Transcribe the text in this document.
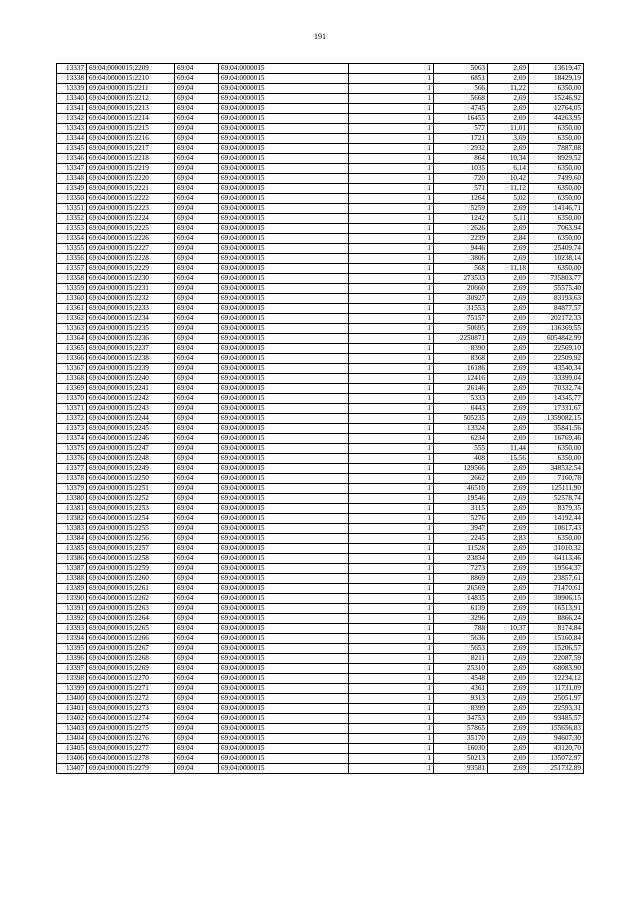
191
13337	69:04:0000015:2209	69:04	69:04:0000015	1	5063	2,69	13619,47
13338	69:04:0000015:2210	69:04	69:04:0000015	1	6851	2,69	18429,19
13339	69:04:0000015:2211	69:04	69:04:0000015	1	566	11,22	6350,00
13340	69:04:0000015:2212	69:04	69:04:0000015	1	5668	2,69	15246,92
13341	69:04:0000015:2213	69:04	69:04:0000015	1	4745	2,69	12764,05
13342	69:04:0000015:2214	69:04	69:04:0000015	1	16455	2,69	44263,95
13343	69:04:0000015:2215	69:04	69:04:0000015	1	577	11,01	6350,00
13344	69:04:0000015:2216	69:04	69:04:0000015	1	1721	3,69	6350,00
13345	69:04:0000015:2217	69:04	69:04:0000015	1	2932	2,69	7887,08
13346	69:04:0000015:2218	69:04	69:04:0000015	1	864	10,34	8929,52
13347	69:04:0000015:2219	69:04	69:04:0000015	1	1035	6,14	6350,00
13348	69:04:0000015:2220	69:04	69:04:0000015	1	720	10,42	7499,60
13349	69:04:0000015:2221	69:04	69:04:0000015	1	571	11,12	6350,00
13350	69:04:0000015:2222	69:04	69:04:0000015	1	1264	5,02	6350,00
13351	69:04:0000015:2223	69:04	69:04:0000015	1	5259	2,69	14146,71
13352	69:04:0000015:2224	69:04	69:04:0000015	1	1242	5,11	6350,00
13353	69:04:0000015:2225	69:04	69:04:0000015	1	2626	2,69	7063,94
13354	69:04:0000015:2226	69:04	69:04:0000015	1	2239	2,84	6350,00
13355	69:04:0000015:2227	69:04	69:04:0000015	1	9446	2,69	25409,74
13356	69:04:0000015:2228	69:04	69:04:0000015	1	3806	2,69	10238,14
13357	69:04:0000015:2229	69:04	69:04:0000015	1	568	11,18	6350,00
13358	69:04:0000015:2230	69:04	69:04:0000015	1	273533	2,69	735803,77
13359	69:04:0000015:2231	69:04	69:04:0000015	1	20660	2,69	55575,40
13360	69:04:0000015:2232	69:04	69:04:0000015	1	30927	2,69	83193,63
13361	69:04:0000015:2233	69:04	69:04:0000015	1	31553	2,69	84877,57
13362	69:04:0000015:2234	69:04	69:04:0000015	1	75157	2,69	202172,33
13363	69:04:0000015:2235	69:04	69:04:0000015	1	50695	2,69	136369,55
13364	69:04:0000015:2236	69:04	69:04:0000015	1	2250871	2,69	6054842,99
13365	69:04:0000015:2237	69:04	69:04:0000015	1	8390	2,69	22569,10
13366	69:04:0000015:2238	69:04	69:04:0000015	1	8368	2,69	22509,92
13367	69:04:0000015:2239	69:04	69:04:0000015	1	16186	2,69	43540,34
13368	69:04:0000015:2240	69:04	69:04:0000015	1	12416	2,69	33399,04
13369	69:04:0000015:2241	69:04	69:04:0000015	1	26146	2,69	70332,74
13370	69:04:0000015:2242	69:04	69:04:0000015	1	5333	2,69	14345,77
13371	69:04:0000015:2243	69:04	69:04:0000015	1	6443	2,69	17331,67
13372	69:04:0000015:2244	69:04	69:04:0000015	1	505235	2,69	1359082,15
13373	69:04:0000015:2245	69:04	69:04:0000015	1	13324	2,69	35841,56
13374	69:04:0000015:2246	69:04	69:04:0000015	1	6234	2,69	16769,46
13375	69:04:0000015:2247	69:04	69:04:0000015	1	555	11,44	6350,00
13376	69:04:0000015:2248	69:04	69:04:0000015	1	408	15,56	6350,00
13377	69:04:0000015:2249	69:04	69:04:0000015	1	129566	2,69	348532,54
13378	69:04:0000015:2250	69:04	69:04:0000015	1	2662	2,69	7160,78
13379	69:04:0000015:2251	69:04	69:04:0000015	1	46510	2,69	125111,90
13380	69:04:0000015:2252	69:04	69:04:0000015	1	19546	2,69	52578,74
13381	69:04:0000015:2253	69:04	69:04:0000015	1	3115	2,69	8379,35
13382	69:04:0000015:2254	69:04	69:04:0000015	1	5276	2,69	14192,44
13383	69:04:0000015:2255	69:04	69:04:0000015	1	3947	2,69	10617,43
13384	69:04:0000015:2256	69:04	69:04:0000015	1	2245	2,83	6350,00
13385	69:04:0000015:2257	69:04	69:04:0000015	1	11528	2,69	31010,32
13386	69:04:0000015:2258	69:04	69:04:0000015	1	23834	2,69	64113,46
13387	69:04:0000015:2259	69:04	69:04:0000015	1	7273	2,69	19564,37
13388	69:04:0000015:2260	69:04	69:04:0000015	1	8869	2,69	23857,61
13389	69:04:0000015:2261	69:04	69:04:0000015	1	26569	2,69	71470,61
13390	69:04:0000015:2262	69:04	69:04:0000015	1	14835	2,69	39906,15
13391	69:04:0000015:2263	69:04	69:04:0000015	1	6139	2,69	16513,91
13392	69:04:0000015:2264	69:04	69:04:0000015	1	3296	2,69	8866,24
13393	69:04:0000015:2265	69:04	69:04:0000015	1	788	10,37	8174,84
13394	69:04:0000015:2266	69:04	69:04:0000015	1	5636	2,69	15160,84
13395	69:04:0000015:2267	69:04	69:04:0000015	1	5653	2,69	15206,57
13396	69:04:0000015:2268	69:04	69:04:0000015	1	8211	2,69	22087,59
13397	69:04:0000015:2269	69:04	69:04:0000015	1	25310	2,69	68083,90
13398	69:04:0000015:2270	69:04	69:04:0000015	1	4548	2,69	12234,12
13399	69:04:0000015:2271	69:04	69:04:0000015	1	4361	2,69	11731,09
13400	69:04:0000015:2272	69:04	69:04:0000015	1	9313	2,69	25051,97
13401	69:04:0000015:2273	69:04	69:04:0000015	1	8399	2,69	22593,31
13402	69:04:0000015:2274	69:04	69:04:0000015	1	34753	2,69	93485,57
13403	69:04:0000015:2275	69:04	69:04:0000015	1	57865	2,69	155656,83
13404	69:04:0000015:2276	69:04	69:04:0000015	1	35170	2,69	94607,30
13405	69:04:0000015:2277	69:04	69:04:0000015	1	16030	2,69	43120,70
13406	69:04:0000015:2278	69:04	69:04:0000015	1	50213	2,69	135072,97
13407	69:04:0000015:2279	69:04	69:04:0000015	1	93581	2,69	251732,89
